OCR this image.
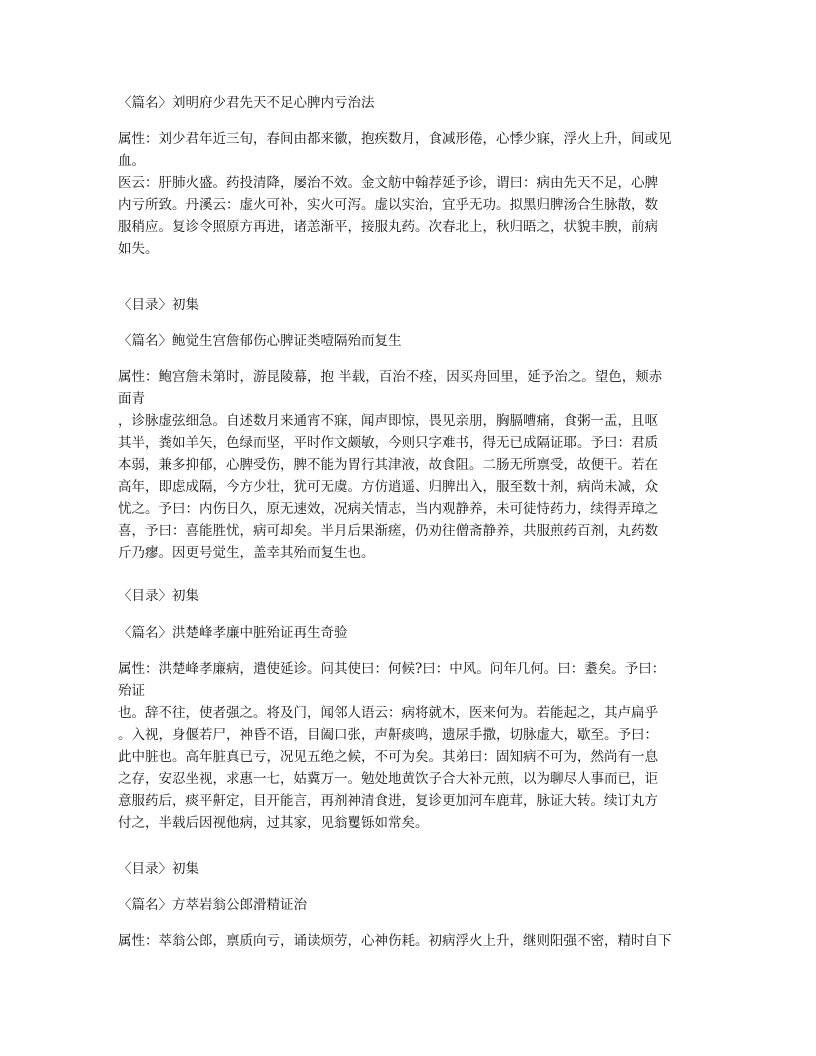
〈篇名〉刘明府少君先天不足心脾内亏治法
属性：刘少君年近三旬，春间由都来徽，抱疾数月，食减形倦，心悸少寐，浮火上升，间或见
血。
医云：肝肺火盛。药投清降，屡治不效。金文舫中翰荐延予诊，谓曰：病由先天不足，心脾
内亏所致。丹溪云：虚火可补，实火可泻。虚以实治，宜乎无功。拟黑归脾汤合生脉散，数
服稍应。复诊令照原方再进，诸恙渐平，接服丸药。次春北上，秋归晤之，状貌丰腴，前病
如失。
〈目录〉初集
〈篇名〉鲍觉生宫詹郁伤心脾证类噎隔殆而复生
属性：鲍宫詹未第时，游昆陵幕，抱 半载，百治不痊，因买舟回里，延予治之。望色，颊赤
面青
，诊脉虚弦细急。自述数月来通宵不寐，闻声即惊，畏见亲朋，胸膈嘈痛，食粥一盂，且呕
其半，粪如羊矢，色绿而坚，平时作文颇敏，今则只字难书，得无已成隔证耶。予曰：君质
本弱，兼多抑郁，心脾受伤，脾不能为胃行其津液，故食阻。二肠无所禀受，故便干。若在
高年，即虑成隔，今方少壮，犹可无虞。方仿逍遥、归脾出入，服至数十剂，病尚未减，众
忧之。予曰：内伤日久，原无速效，况病关情志，当内观静养，未可徒恃药力，续得弄璋之
喜，予曰：喜能胜忧，病可却矣。半月后果渐瘥，仍劝往僧斋静养，共服煎药百剂，丸药数
斤乃瘳。因更号觉生，盖幸其殆而复生也。
〈目录〉初集
〈篇名〉洪楚峰孝廉中脏殆证再生奇验
属性：洪楚峰孝廉病，遣使延诊。问其使曰：何候?曰：中风。问年几何。曰：耋矣。予曰：
殆证
也。辞不往，使者强之。将及门，闻邻人语云：病将就木，医来何为。若能起之，其卢扁乎
。入视，身偃若尸，神昏不语，目阖口张，声鼾痰鸣，遗尿手撒，切脉虚大，歇至。予曰：
此中脏也。高年脏真已亏，况见五绝之候，不可为矣。其弟曰：固知病不可为，然尚有一息
之存，安忍坐视，求惠一七，姑冀万一。勉处地黄饮子合大补元煎，以为聊尽人事而已，讵
意服药后，痰平鼾定，目开能言，再剂神清食进，复诊更加河车鹿茸，脉证大转。续订丸方
付之，半载后因视他病，过其家，见翁矍铄如常矣。
〈目录〉初集
〈篇名〉方萃岩翁公郎滑精证治
属性：萃翁公郎，禀质向亏，诵读烦劳，心神伤耗。初病浮火上升，继则阳强不密，精时自下
